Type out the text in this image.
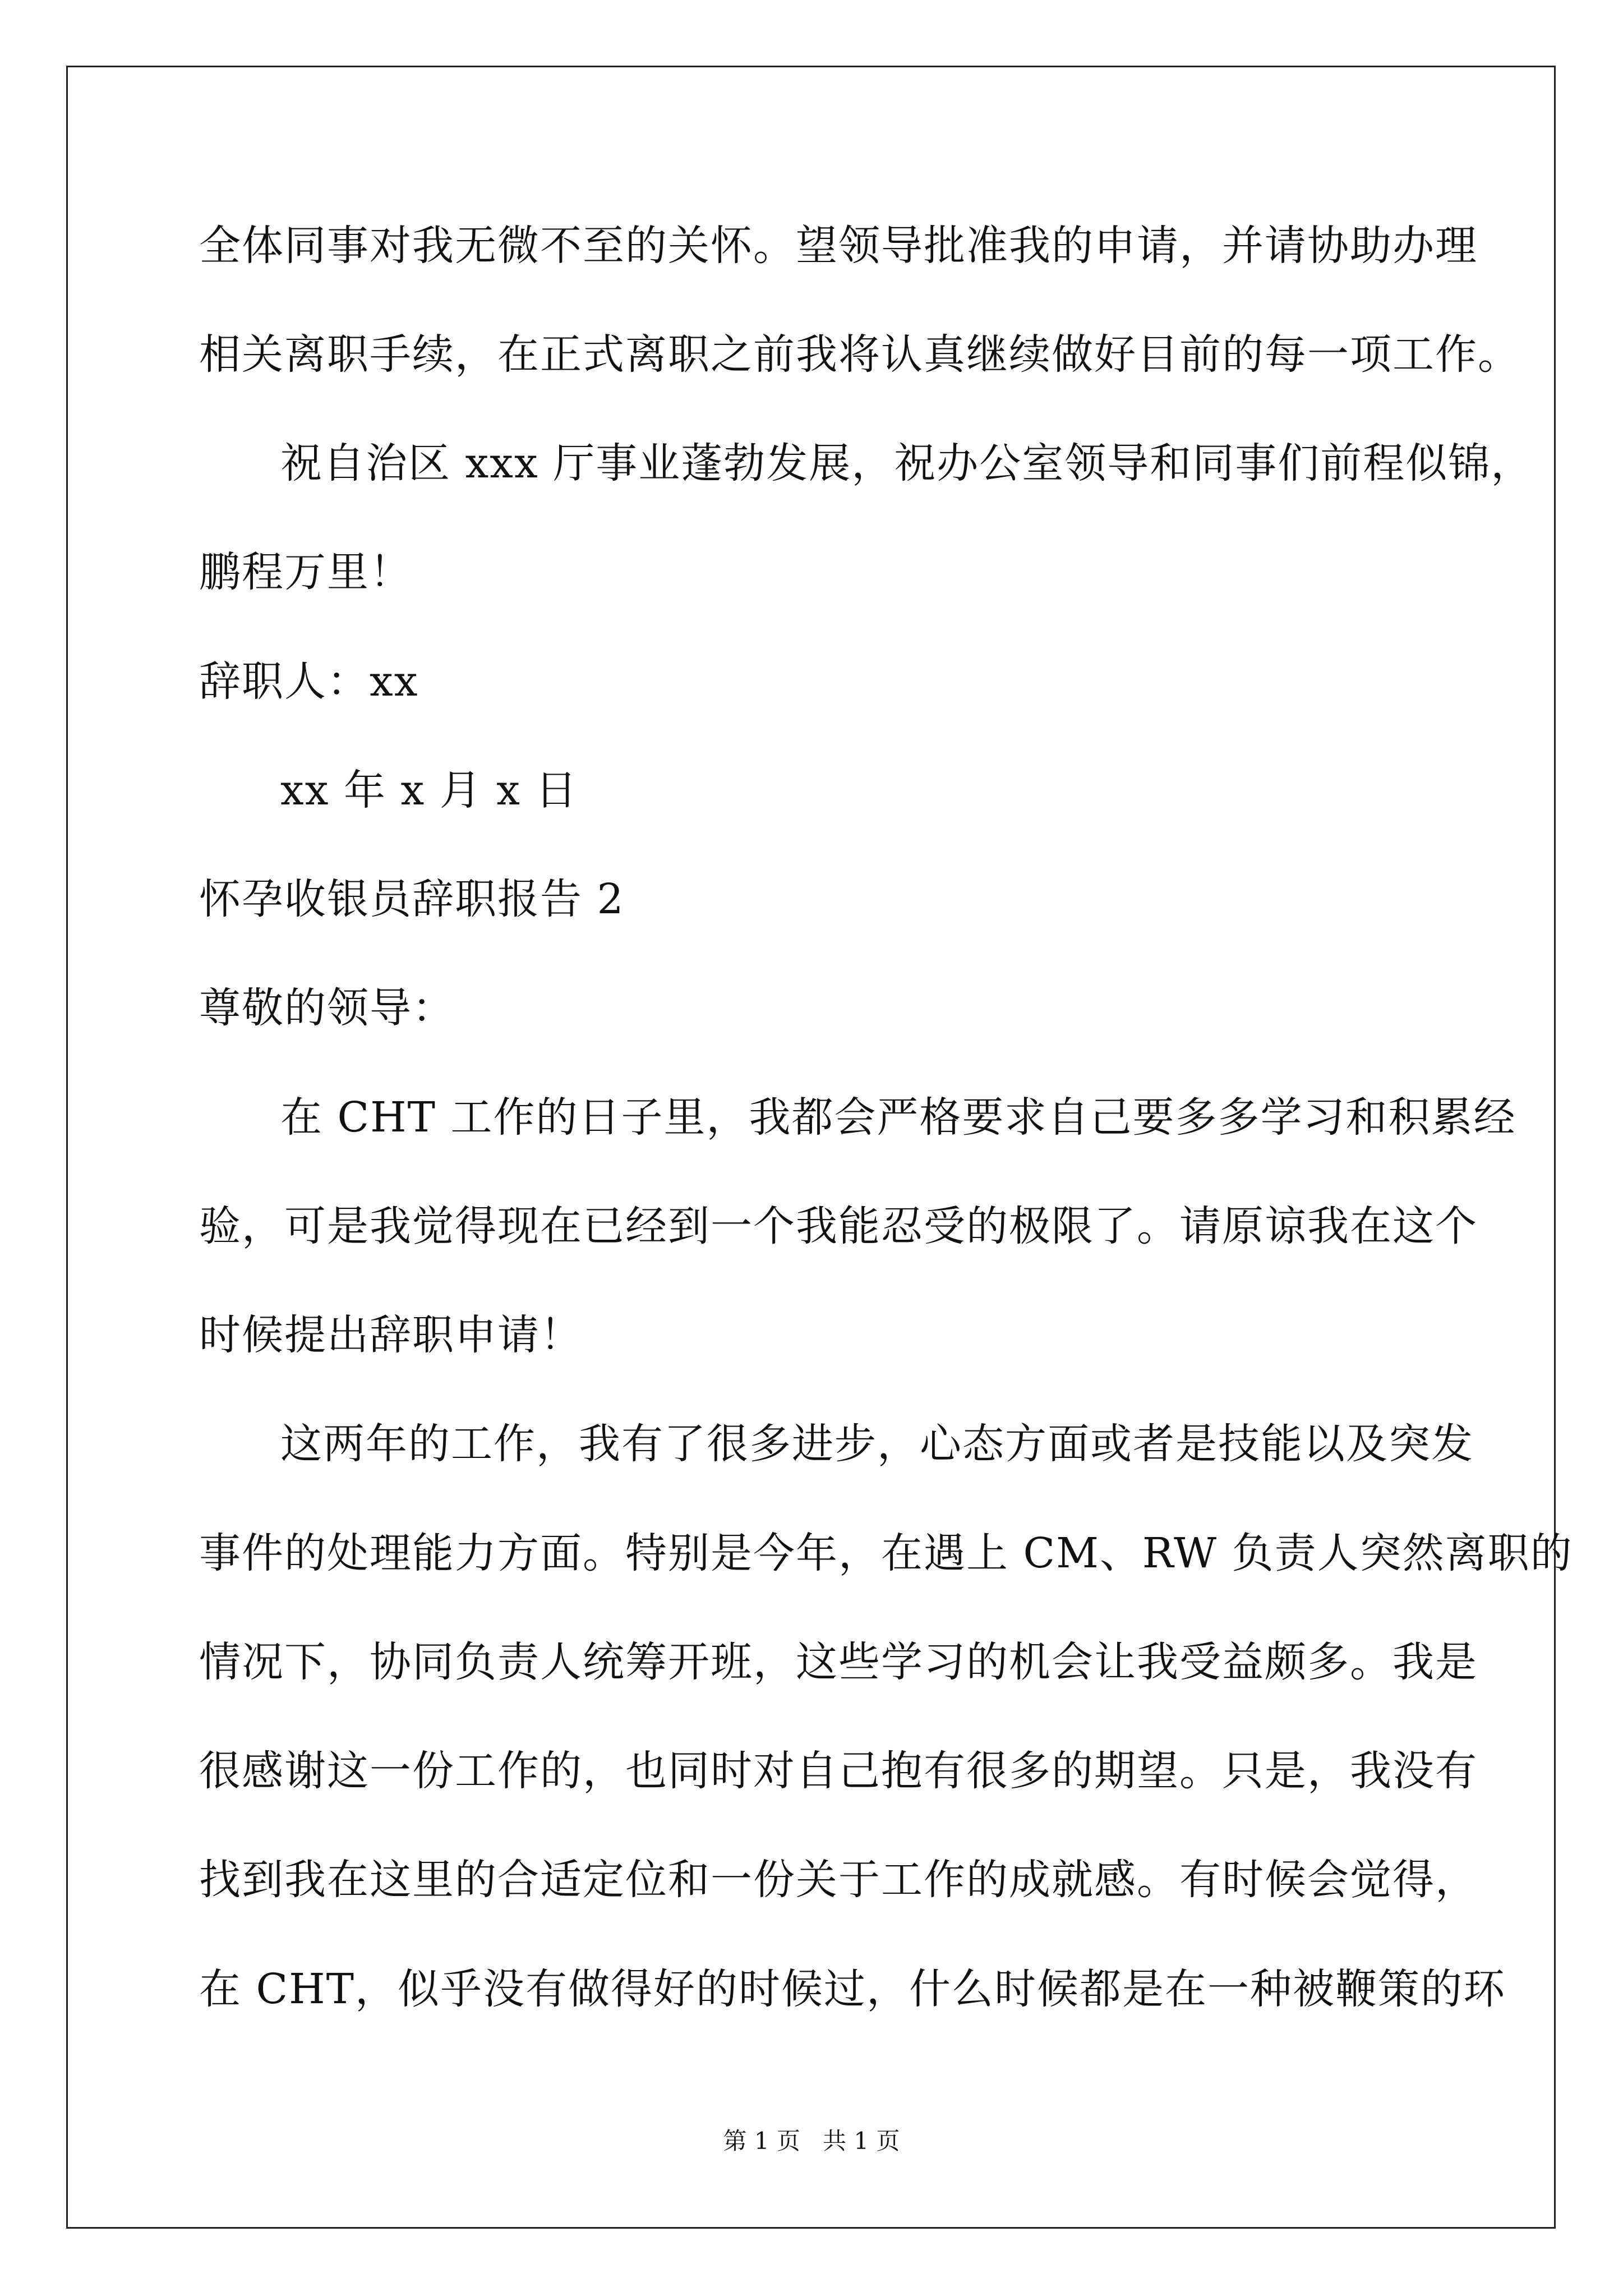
全体同事对我无微不至的关怀。望领导批准我的申请，并请协助办理
相关离职手续，在正式离职之前我将认真继续做好目前的每一项工作。
祝自治区 xxx 厅事业蓬勃发展，祝办公室领导和同事们前程似锦，
鹏程万里！
辞职人：xx
xx 年 x 月 x 日
怀孕收银员辞职报告 2
尊敬的领导：
在 CHT 工作的日子里，我都会严格要求自己要多多学习和积累经
验，可是我觉得现在已经到一个我能忍受的极限了。请原谅我在这个
时候提出辞职申请！
这两年的工作，我有了很多进步，心态方面或者是技能以及突发
事件的处理能力方面。特别是今年，在遇上 CM、RW 负责人突然离职的
情况下，协同负责人统筹开班，这些学习的机会让我受益颇多。我是
很感谢这一份工作的，也同时对自己抱有很多的期望。只是，我没有
找到我在这里的合适定位和一份关于工作的成就感。有时候会觉得，
在 CHT，似乎没有做得好的时候过，什么时候都是在一种被鞭策的环
第 1 页   共 1 页
